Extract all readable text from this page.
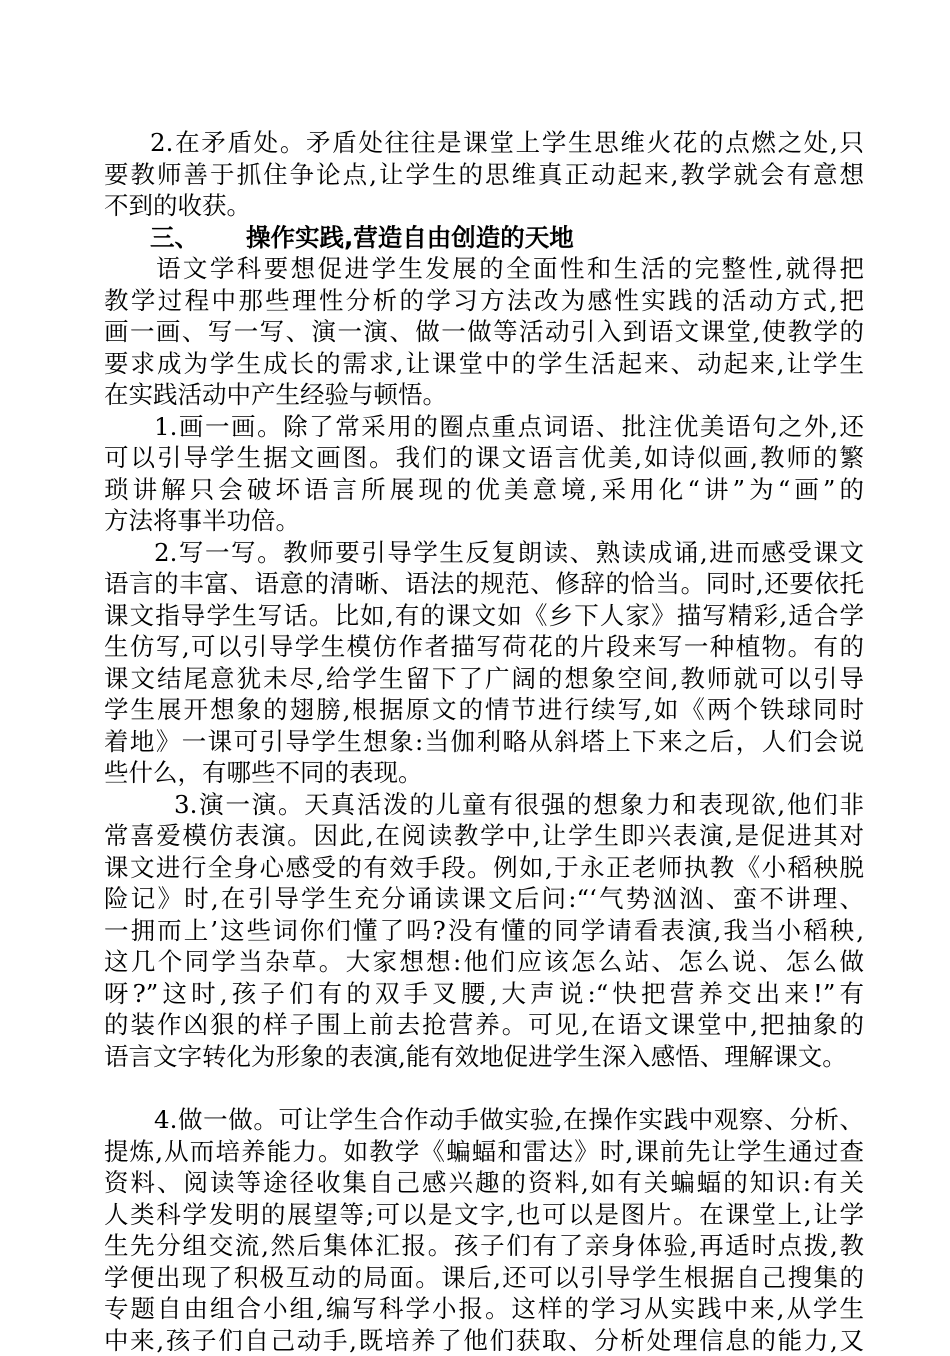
2.在矛盾处。矛盾处往往是课堂上学生思维火花的点燃之处,只
要教师善于抓住争论点,让学生的思维真正动起来,教学就会有意想
不到的收获。
三、 操作实践,营造自由创造的天地
语文学科要想促进学生发展的全面性和生活的完整性,就得把
教学过程中那些理性分析的学习方法改为感性实践的活动方式,把
画一画、写一写、演一演、做一做等活动引入到语文课堂,使教学的
要求成为学生成长的需求,让课堂中的学生活起来、动起来,让学生
在实践活动中产生经验与顿悟。
1.画一画。除了常采用的圈点重点词语、批注优美语句之外,还
可以引导学生据文画图。我们的课文语言优美,如诗似画,教师的繁
琐讲解只会破坏语言所展现的优美意境,采用化“讲”为“画”的
方法将事半功倍。
2.写一写。教师要引导学生反复朗读、熟读成诵,进而感受课文
语言的丰富、语意的清晰、语法的规范、修辞的恰当。同时,还要依托
课文指导学生写话。比如,有的课文如《乡下人家》描写精彩,适合学
生仿写,可以引导学生模仿作者描写荷花的片段来写一种植物。有的
课文结尾意犹未尽,给学生留下了广阔的想象空间,教师就可以引导
学生展开想象的翅膀,根据原文的情节进行续写,如《两个铁球同时
着地》一课可引导学生想象:当伽利略从斜塔上下来之后，人们会说
些什么，有哪些不同的表现。
3.演一演。天真活泼的儿童有很强的想象力和表现欲,他们非
常喜爱模仿表演。因此,在阅读教学中,让学生即兴表演,是促进其对
课文进行全身心感受的有效手段。例如,于永正老师执教《小稻秧脱
险记》时,在引导学生充分诵读课文后问:“‘气势汹汹、蛮不讲理、
一拥而上’这些词你们懂了吗?没有懂的同学请看表演,我当小稻秧,
这几个同学当杂草。大家想想:他们应该怎么站、怎么说、怎么做
呀?”这时,孩子们有的双手叉腰,大声说:“快把营养交出来!”有
的装作凶狠的样子围上前去抢营养。可见,在语文课堂中,把抽象的
语言文字转化为形象的表演,能有效地促进学生深入感悟、理解课文。
4.做一做。可让学生合作动手做实验,在操作实践中观察、分析、
提炼,从而培养能力。如教学《蝙蝠和雷达》时,课前先让学生通过查
资料、阅读等途径收集自己感兴趣的资料,如有关蝙蝠的知识:有关
人类科学发明的展望等;可以是文字,也可以是图片。在课堂上,让学
生先分组交流,然后集体汇报。孩子们有了亲身体验,再适时点拨,教
学便出现了积极互动的局面。课后,还可以引导学生根据自己搜集的
专题自由组合小组,编写科学小报。这样的学习从实践中来,从学生
中来,孩子们自己动手,既培养了他们获取、分析处理信息的能力,又
